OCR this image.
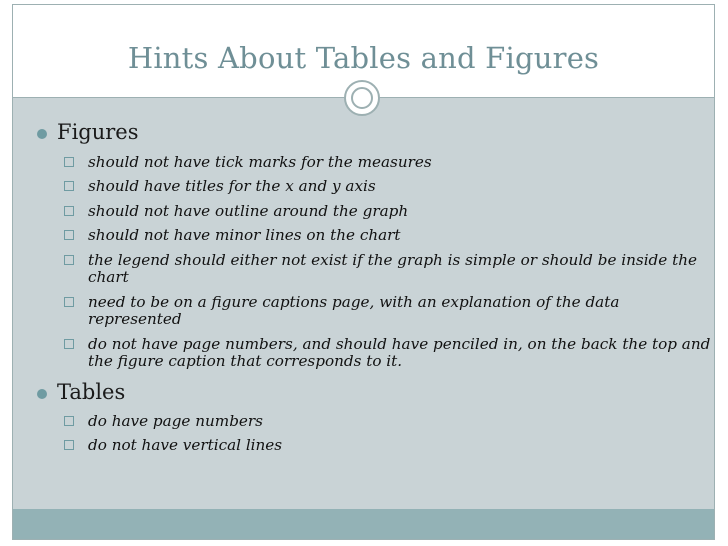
Hints About Tables and Figures
Figures
should not have tick marks for the measures
should have titles for the x and y axis
should not have outline around the graph
should not have minor lines on the chart
the legend should either not exist if the graph is simple or should be inside the chart
need to be on a figure captions page, with an explanation of the data represented
do not have page numbers, and should have penciled in, on the back the top and the figure caption that corresponds to it.
Tables
do have page numbers
do not have vertical lines
